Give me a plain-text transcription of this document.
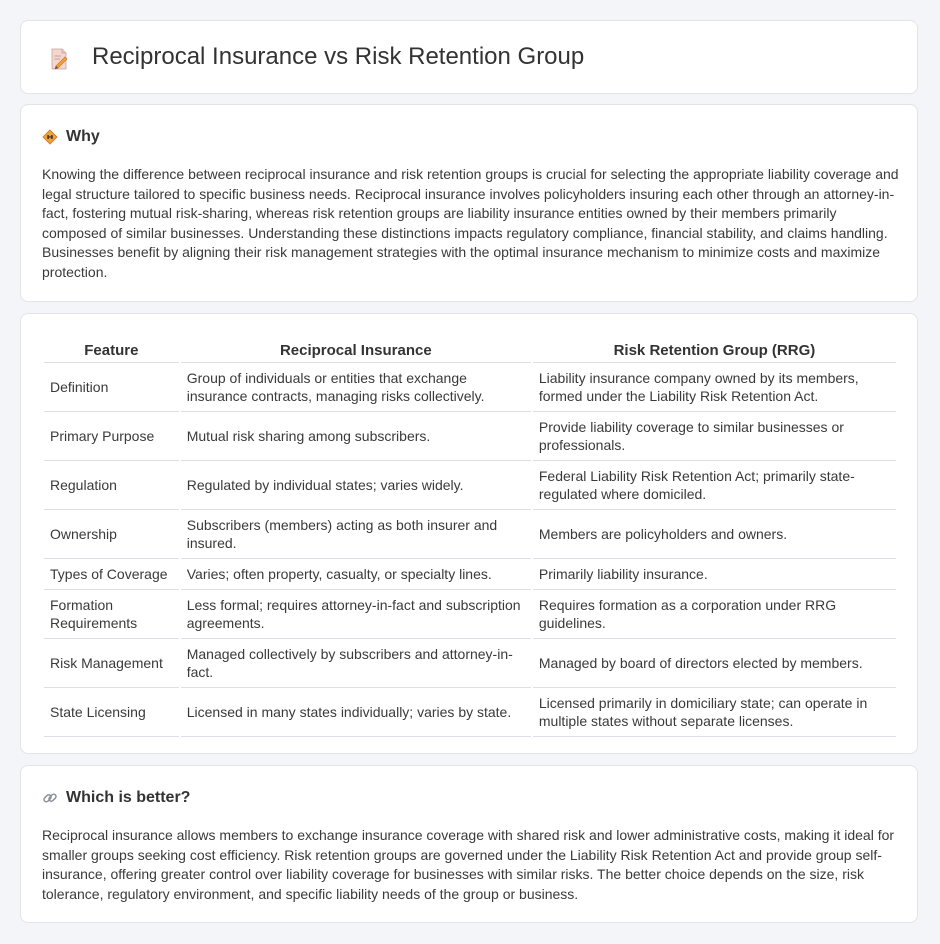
Reciprocal Insurance vs Risk Retention Group
Why

Knowing the difference between reciprocal insurance and risk retention groups is crucial for selecting the appropriate liability coverage and legal structure tailored to specific business needs. Reciprocal insurance involves policyholders insuring each other through an attorney-in-fact, fostering mutual risk-sharing, whereas risk retention groups are liability insurance entities owned by their members primarily composed of similar businesses. Understanding these distinctions impacts regulatory compliance, financial stability, and claims handling. Businesses benefit by aligning their risk management strategies with the optimal insurance mechanism to minimize costs and maximize protection.

Feature	Reciprocal Insurance	Risk Retention Group (RRG)
Definition	Group of individuals or entities that exchange insurance contracts, managing risks collectively.	Liability insurance company owned by its members, formed under the Liability Risk Retention Act.
Primary Purpose	Mutual risk sharing among subscribers.	Provide liability coverage to similar businesses or professionals.
Regulation	Regulated by individual states; varies widely.	Federal Liability Risk Retention Act; primarily state-regulated where domiciled.
Ownership	Subscribers (members) acting as both insurer and insured.	Members are policyholders and owners.
Types of Coverage	Varies; often property, casualty, or specialty lines.	Primarily liability insurance.
Formation Requirements	Less formal; requires attorney-in-fact and subscription agreements.	Requires formation as a corporation under RRG guidelines.
Risk Management	Managed collectively by subscribers and attorney-in-fact.	Managed by board of directors elected by members.
State Licensing	Licensed in many states individually; varies by state.	Licensed primarily in domiciliary state; can operate in multiple states without separate licenses.
Which is better?

Reciprocal insurance allows members to exchange insurance coverage with shared risk and lower administrative costs, making it ideal for smaller groups seeking cost efficiency. Risk retention groups are governed under the Liability Risk Retention Act and provide group self-insurance, offering greater control over liability coverage for businesses with similar risks. The better choice depends on the size, risk tolerance, regulatory environment, and specific liability needs of the group or business.
